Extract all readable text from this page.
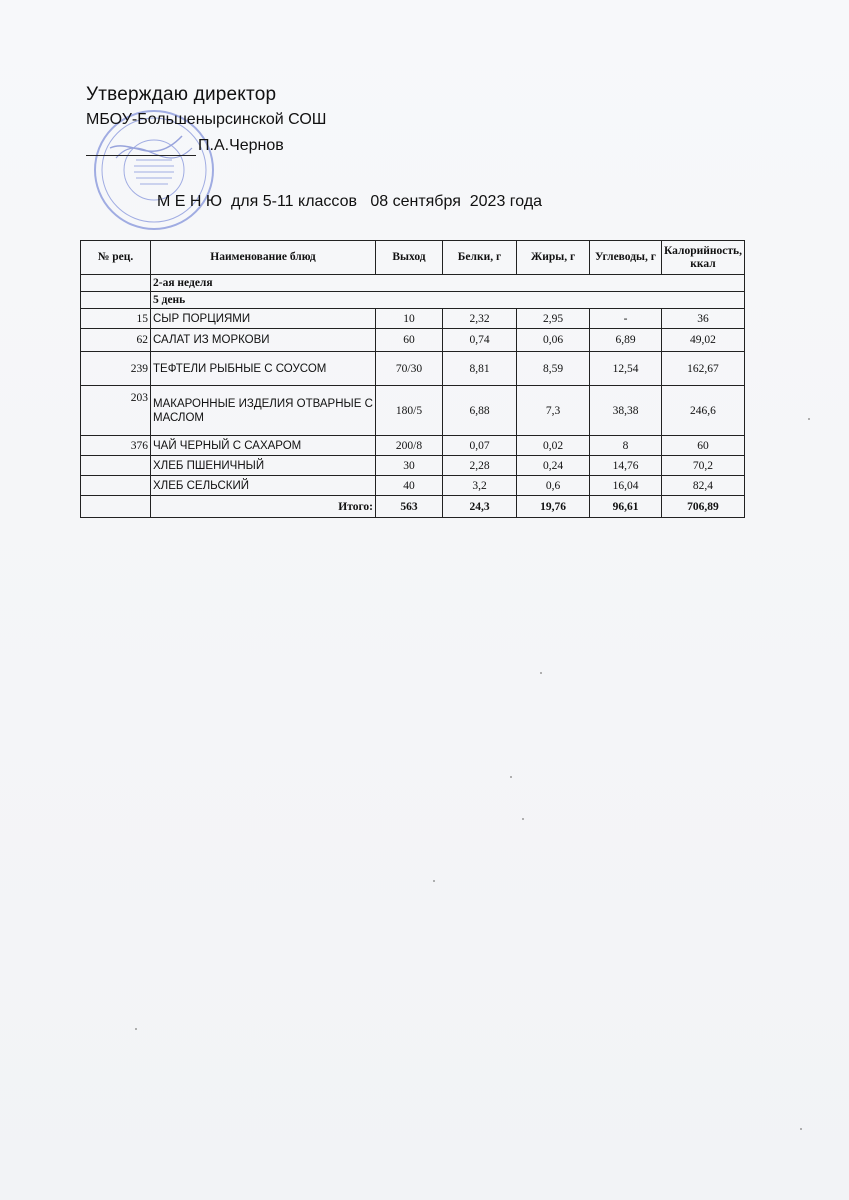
Утверждаю директор
МБОУ-Большенырсинской СОШ
П.А.Чернов
М Е Н Ю  для 5-11 классов   08 сентября  2023 года
№ рец.	Наименование блюд	Выход	Белки, г	Жиры, г	Углеводы, г	Калорийность, ккал
	2-ая неделя					
	5 день					
15	СЫР ПОРЦИЯМИ	10	2,32	2,95	-	36
62	САЛАТ ИЗ МОРКОВИ	60	0,74	0,06	6,89	49,02
239	ТЕФТЕЛИ РЫБНЫЕ С СОУСОМ	70/30	8,81	8,59	12,54	162,67
203	МАКАРОННЫЕ ИЗДЕЛИЯ ОТВАРНЫЕ С МАСЛОМ	180/5	6,88	7,3	38,38	246,6
376	ЧАЙ ЧЕРНЫЙ С САХАРОМ	200/8	0,07	0,02	8	60
	ХЛЕБ ПШЕНИЧНЫЙ	30	2,28	0,24	14,76	70,2
	ХЛЕБ СЕЛЬСКИЙ	40	3,2	0,6	16,04	82,4
	Итого:	563	24,3	19,76	96,61	706,89
